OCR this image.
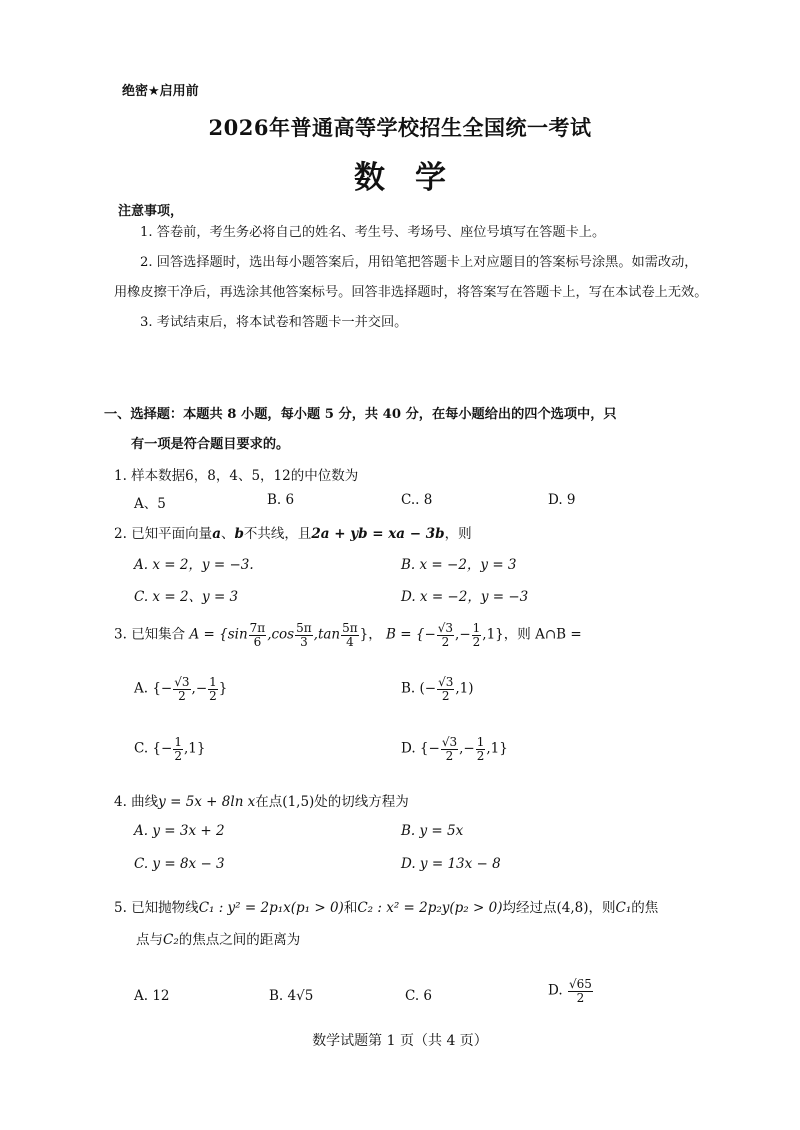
绝密★启用前
2026年普通高等学校招生全国统一考试
数学
注意事项，

1. 答卷前，考生务必将自己的姓名、考生号、考场号、座位号填写在答题卡上。

2. 回答选择题时，选出每小题答案后，用铅笔把答题卡上对应题目的答案标号涂黑。如需改动，用橡皮擦干净后，再选涂其他答案标号。回答非选择题时，将答案写在答题卡上，写在本试卷上无效。

3. 考试结束后，将本试卷和答题卡一并交回。

一、选择题：本题共 8 小题，每小题 5 分，共 40 分，在每小题给出的四个选项中，只

有一项是符合题目要求的。

1. 样本数据6，8，4、5，12的中位数为
A、5	B. 6	C.. 8	D. 9
2. 已知平面向量a、b不共线，且2a + yb = xa − 3b，则
A. x = 2，y = −3.	B. x = −2，y = 3
C. x = 2、y = 3	D. x = −2，y = −3
3. 已知集合 $A = \{\sin \frac{7\pi}{6} ,\cos \frac{5\pi}{3} ,\tan \frac{5\pi}{4}$ }， B = {− $\frac{√3}{2}$ ,− $\frac{1}{2} ,1$}，则 A∩B =
A. {− $\frac{√3}{2}$ ,− $\frac{1}{2}$ }	B. (− $\frac{√3}{2} ,1$)
C. {− $\frac{1}{2} ,1$}	D. {− $\frac{√3}{2}$ ,− $\frac{1}{2} ,1$}
4. 曲线y = 5x + 8ln x在点(1,5)处的切线方程为
A. y = 3x + 2	B. y = 5x
C. y = 8x − 3	D. y = 13x − 8
5. 已知抛物线C₁ : y² = 2p₁x(p₁ > 0)和C₂ : x² = 2p₂y(p₂ > 0)均经过点(4,8)，则C₁的焦
点与C₂的焦点之间的距离为
A. 12	B. 4√5	C. 6	D. $\frac{√65}{2}$
数学试题第 1 页（共 4 页）
